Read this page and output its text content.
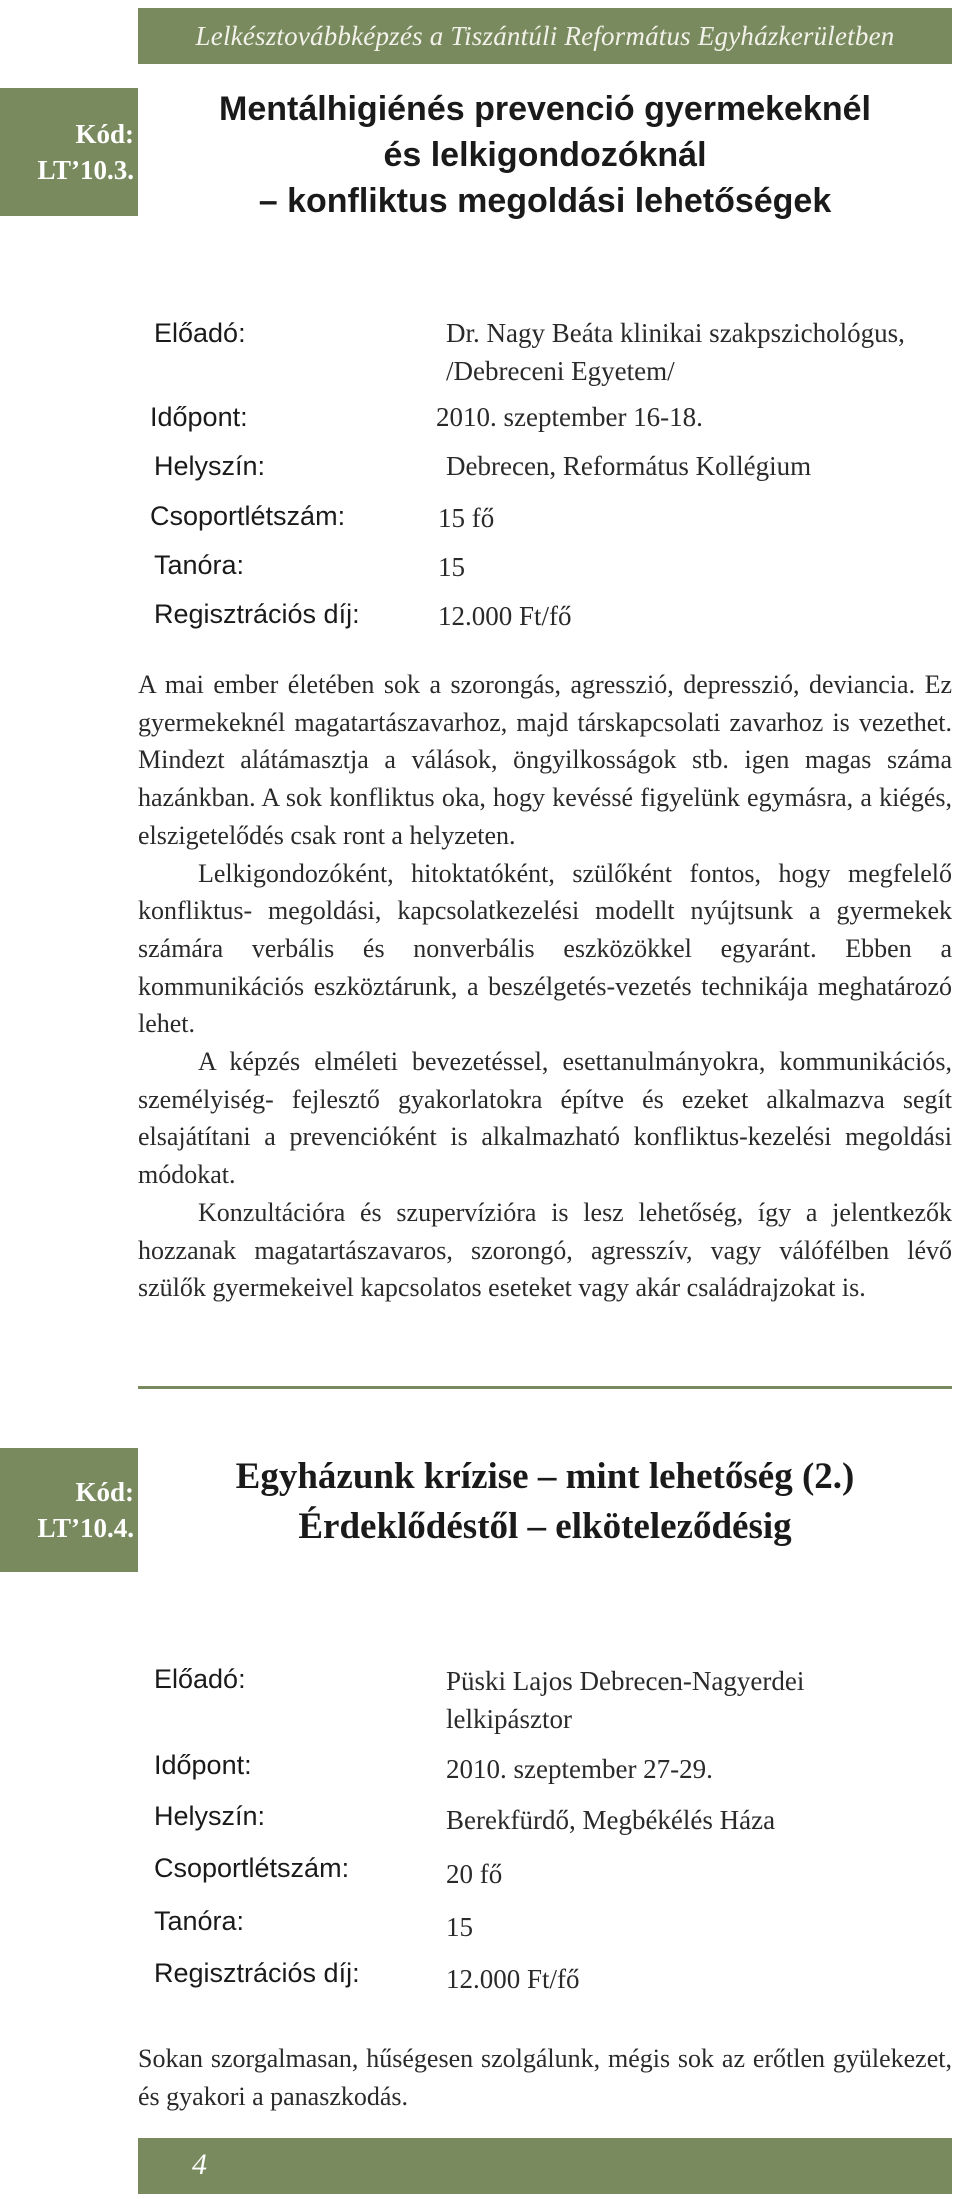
Lelkésztovábbképzés a Tiszántúli Református Egyházkerületben
Kód:
LT’10.3.
Mentálhigiénés prevenció gyermekeknél
és lelkigondozóknál
– konfliktus megoldási lehetőségek
Előadó:	Dr. Nagy Beáta klinikai szakpszichológus,
/Debreceni Egyetem/
Időpont:	2010. szeptember 16-18.
Helyszín:	Debrecen, Református Kollégium
Csoportlétszám:	15 fő
Tanóra:	15
Regisztrációs díj:	12.000 Ft/fő

A mai ember életében sok a szorongás, agresszió, depresszió, deviancia. Ez gyermekeknél magatartászavarhoz, majd társkapcsolati zavarhoz is vezethet. Mindezt alátámasztja a válások, öngyilkosságok stb. igen magas száma hazánkban. A sok konfliktus oka, hogy kevéssé figyelünk egymásra, a kiégés, elszigetelődés csak ront a helyzeten.

Lelkigondozóként, hitoktatóként, szülőként fontos, hogy megfelelő konfliktus- megoldási, kapcsolatkezelési modellt nyújtsunk a gyermekek számára verbális és nonverbális eszközökkel egyaránt. Ebben a kommunikációs eszköztárunk, a beszélgetés-vezetés technikája meghatározó lehet.

A képzés elméleti bevezetéssel, esettanulmányokra, kommunikációs, személyiség- fejlesztő gyakorlatokra építve és ezeket alkalmazva segít elsajátítani a prevencióként is alkalmazható konfliktus-kezelési megoldási módokat.

Konzultációra és szupervízióra is lesz lehetőség, így a jelentkezők hozzanak magatartászavaros, szorongó, agresszív, vagy válófélben lévő szülők gyermekeivel kapcsolatos eseteket vagy akár családrajzokat is.

Kód:
LT’10.4.
Egyházunk krízise – mint lehetőség (2.)
Érdeklődéstől – elköteleződésig
Előadó:	Püski Lajos Debrecen-Nagyerdei
lelkipásztor
Időpont:	2010. szeptember 27-29.
Helyszín:	Berekfürdő, Megbékélés Háza
Csoportlétszám:	20 fő
Tanóra:	15
Regisztrációs díj:	12.000 Ft/fő

Sokan szorgalmasan, hűségesen szolgálunk, mégis sok az erőtlen gyülekezet, és gyakori a panaszkodás.

4
